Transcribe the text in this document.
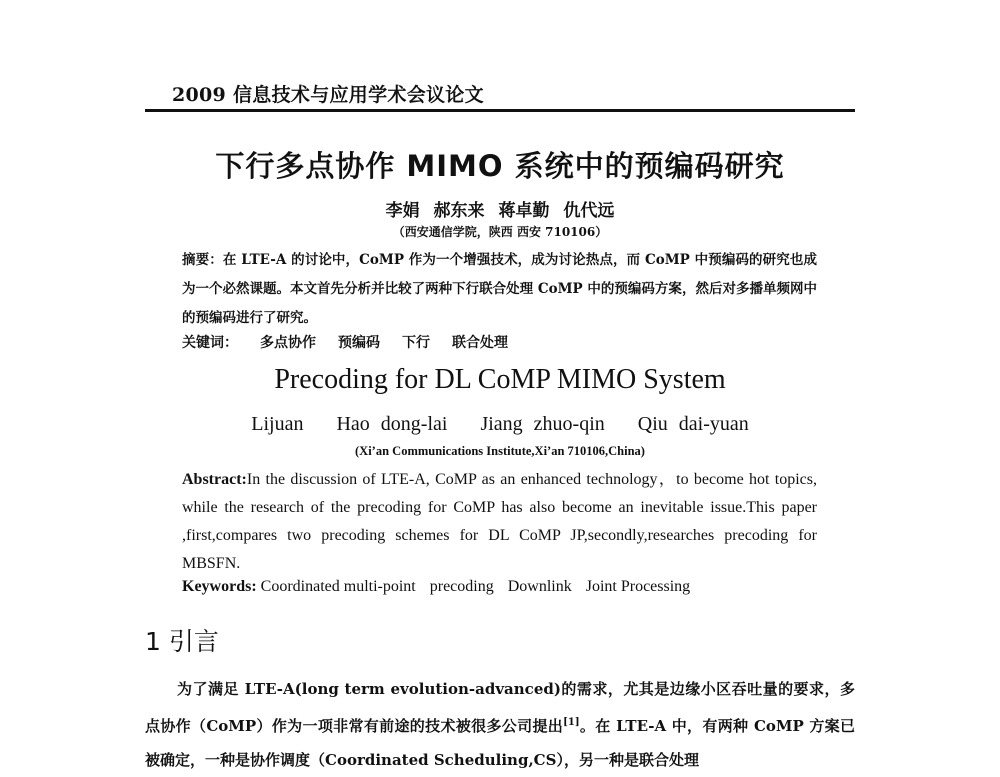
2009 信息技术与应用学术会议论文
下行多点协作 MIMO 系统中的预编码研究
李娟 郝东来 蒋卓勤 仇代远
（西安通信学院，陕西 西安 710106）
摘要：在 LTE-A 的讨论中，CoMP 作为一个增强技术，成为讨论热点，而 CoMP 中预编码的研究也成为一个必然课题。本文首先分析并比较了两种下行联合处理 CoMP 中的预编码方案，然后对多播单频网中的预编码进行了研究。
关键词： 多点协作 预编码 下行 联合处理
Precoding for DL CoMP MIMO System
Lijuan   Hao dong-lai   Jiang zhuo-qin   Qiu dai-yuan
(Xi’an Communications Institute,Xi’an 710106,China)
Abstract:In the discussion of LTE-A, CoMP as an enhanced technology，to become hot topics, while the research of the precoding for CoMP has also become an inevitable issue.This paper ,first,compares two precoding schemes for DL CoMP JP,secondly,researches precoding for MBSFN.
Keywords: Coordinated multi-point precoding Downlink Joint Processing
1 引言
为了满足 LTE-A(long term evolution-advanced)的需求，尤其是边缘小区吞吐量的要求，多点协作（CoMP）作为一项非常有前途的技术被很多公司提出[1]。在 LTE-A 中，有两种 CoMP 方案已被确定，一种是协作调度（Coordinated Scheduling,CS），另一种是联合处理
